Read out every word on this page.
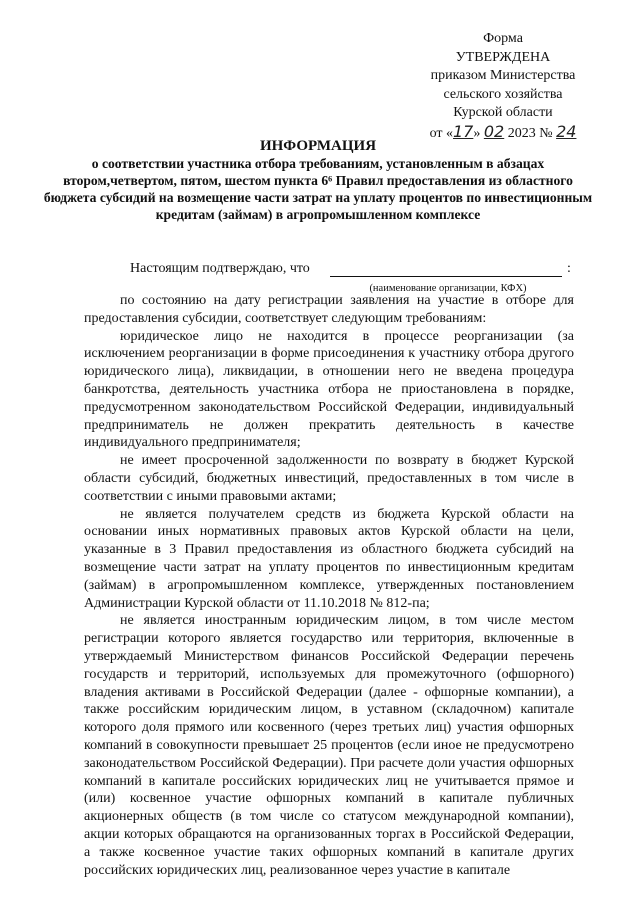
Форма
УТВЕРЖДЕНА
приказом Министерства
сельского хозяйства
Курской области
от «17» 02 2023 № 24
ИНФОРМАЦИЯ
о соответствии участника отбора требованиям, установленным в абзацах втором,четвертом, пятом, шестом пункта 6⁶ Правил предоставления из областного бюджета субсидий на возмещение части затрат на уплату процентов по инвестиционным кредитам (займам) в агропромышленном комплексе
Настоящим подтверждаю, что	:
(наименование организации, КФХ)

по состоянию на дату регистрации заявления на участие в отборе для предоставления субсидии, соответствует следующим требованиям:

юридическое лицо не находится в процессе реорганизации (за исключением реорганизации в форме присоединения к участнику отбора другого юридического лица), ликвидации, в отношении него не введена процедура банкротства, деятельность участника отбора не приостановлена в порядке, предусмотренном законодательством Российской Федерации, индивидуальный предприниматель не должен прекратить деятельность в качестве индивидуального предпринимателя;

не имеет просроченной задолженности по возврату в бюджет Курской области субсидий, бюджетных инвестиций, предоставленных в том числе в соответствии с иными правовыми актами;

не является получателем средств из бюджета Курской области на основании иных нормативных правовых актов Курской области на цели, указанные в 3 Правил предоставления из областного бюджета субсидий на возмещение части затрат на уплату процентов по инвестиционным кредитам (займам) в агропромышленном комплексе, утвержденных постановлением Администрации Курской области от 11.10.2018 № 812-па;

не является иностранным юридическим лицом, в том числе местом регистрации которого является государство или территория, включенные в утверждаемый Министерством финансов Российской Федерации перечень государств и территорий, используемых для промежуточного (офшорного) владения активами в Российской Федерации (далее - офшорные компании), а также российским юридическим лицом, в уставном (складочном) капитале которого доля прямого или косвенного (через третьих лиц) участия офшорных компаний в совокупности превышает 25 процентов (если иное не предусмотрено законодательством Российской Федерации). При расчете доли участия офшорных компаний в капитале российских юридических лиц не учитывается прямое и (или) косвенное участие офшорных компаний в капитале публичных акционерных обществ (в том числе со статусом международной компании), акции которых обращаются на организованных торгах в Российской Федерации, а также косвенное участие таких офшорных компаний в капитале других российских юридических лиц, реализованное через участие в капитале
